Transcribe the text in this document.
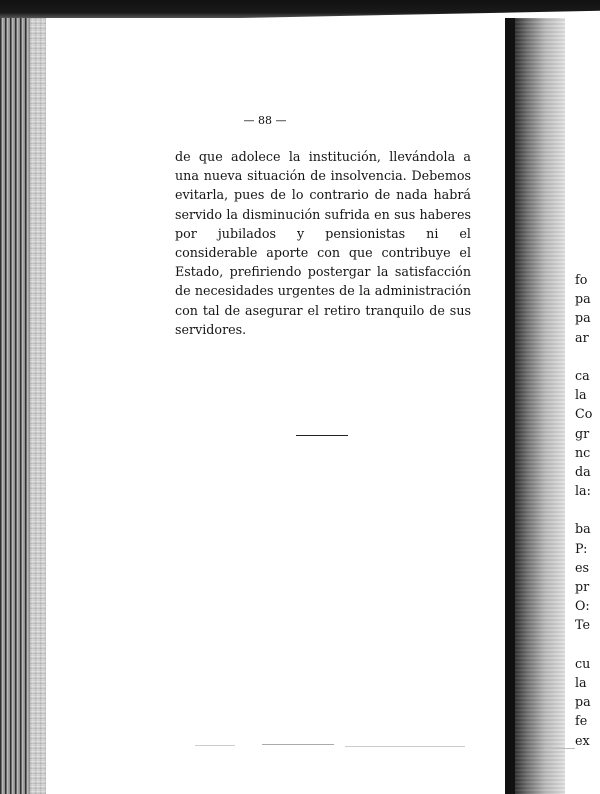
— 88 —

de que adolece la institución, llevándola a una nueva situación de insolvencia. Debemos evitarla, pues de lo contrario de nada habrá servido la disminución sufrida en sus haberes por jubilados y pensionistas ni el considerable aporte con que contribuye el Estado, prefiriendo postergar la satisfacción de necesidades urgentes de la administración con tal de asegurar el retiro tranquilo de sus servidores.

fo
pa
pa
ar
ca
la
Co
gr
nc
da
la:
ba
P:
es
pr
O:
Te
cu
la
pa
fe
ex
